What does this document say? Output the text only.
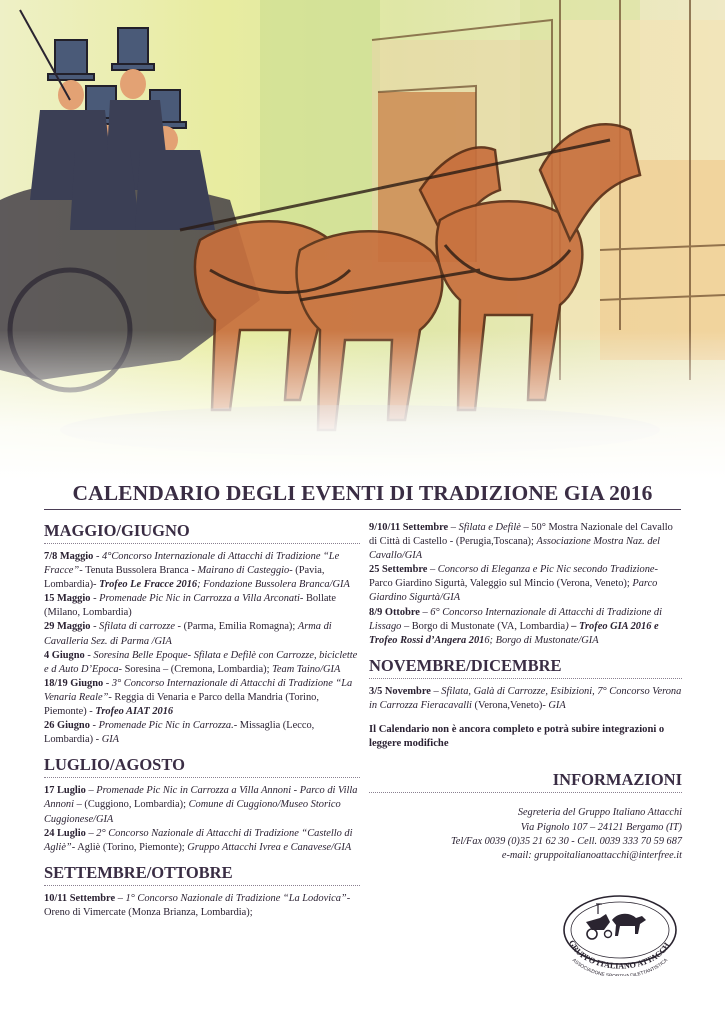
CALENDARIO DEGLI EVENTI DI TRADIZIONE GIA 2016
MAGGIO/GIUGNO

7/8 Maggio - 4°Concorso Internazionale di Attacchi di Tradizione “Le Fracce”- Tenuta Bussolera Branca - Mairano di Casteggio- (Pavia, Lombardia)- Trofeo Le Fracce 2016; Fondazione Bussolera Branca/GIA

15 Maggio - Promenade Pic Nic in Carrozza a Villa Arconati- Bollate (Milano, Lombardia)

29 Maggio - Sfilata di carrozze - (Parma, Emilia Romagna); Arma di Cavalleria Sez. di Parma /GIA

4 Giugno - Soresina Belle Epoque- Sfilata e Defilè con Carrozze, biciclette e d Auto D’Epoca- Soresina – (Cremona, Lombardia); Team Taino/GIA

18/19 Giugno - 3° Concorso Internazionale di Attacchi di Tradizione “La Venaria Reale”- Reggia di Venaria e Parco della Mandria (Torino, Piemonte) - Trofeo AIAT 2016

26 Giugno - Promenade Pic Nic in Carrozza.- Missaglia (Lecco, Lombardia) - GIA

LUGLIO/AGOSTO

17 Luglio – Promenade Pic Nic in Carrozza a Villa Annoni - Parco di Villa Annoni – (Cuggiono, Lombardia); Comune di Cuggiono/Museo Storico Cuggionese/GIA

24 Luglio – 2° Concorso Nazionale di Attacchi di Tradizione “Castello di Agliè”- Agliè (Torino, Piemonte); Gruppo Attacchi Ivrea e Canavese/GIA

SETTEMBRE/OTTOBRE

10/11 Settembre – 1° Concorso Nazionale di Tradizione “La Lodovica”- Oreno di Vimercate (Monza Brianza, Lombardia);

9/10/11 Settembre – Sfilata e Defilè – 50° Mostra Nazionale del Cavallo di Città di Castello - (Perugia,Toscana); Associazione Mostra Naz. del Cavallo/GIA

25 Settembre – Concorso di Eleganza e Pic Nic secondo Tradizione- Parco Giardino Sigurtà, Valeggio sul Mincio (Verona, Veneto); Parco Giardino Sigurtà/GIA

8/9 Ottobre – 6° Concorso Internazionale di Attacchi di Tradizione di Lissago – Borgo di Mustonate (VA, Lombardia) – Trofeo GIA 2016 e Trofeo Rossi d’Angera 2016; Borgo di Mustonate/GIA

NOVEMBRE/DICEMBRE

3/5 Novembre – Sfilata, Galà di Carrozze, Esibizioni, 7° Concorso Verona in Carrozza Fieracavalli (Verona,Veneto)- GIA

Il Calendario non è ancora completo e potrà subire integrazioni o leggere modifiche

INFORMAZIONI
Segreteria del Gruppo Italiano Attacchi
Via Pignolo 107 – 24121 Bergamo (IT)
Tel/Fax 0039 (0)35 21 62 30 - Cell. 0039 333 70 59 687
e-mail: gruppoitalianoattacchi@interfree.it
GRUPPO ITALIANO ATTACCH
ASSOCIAZIONE ILETTANTISTICA
